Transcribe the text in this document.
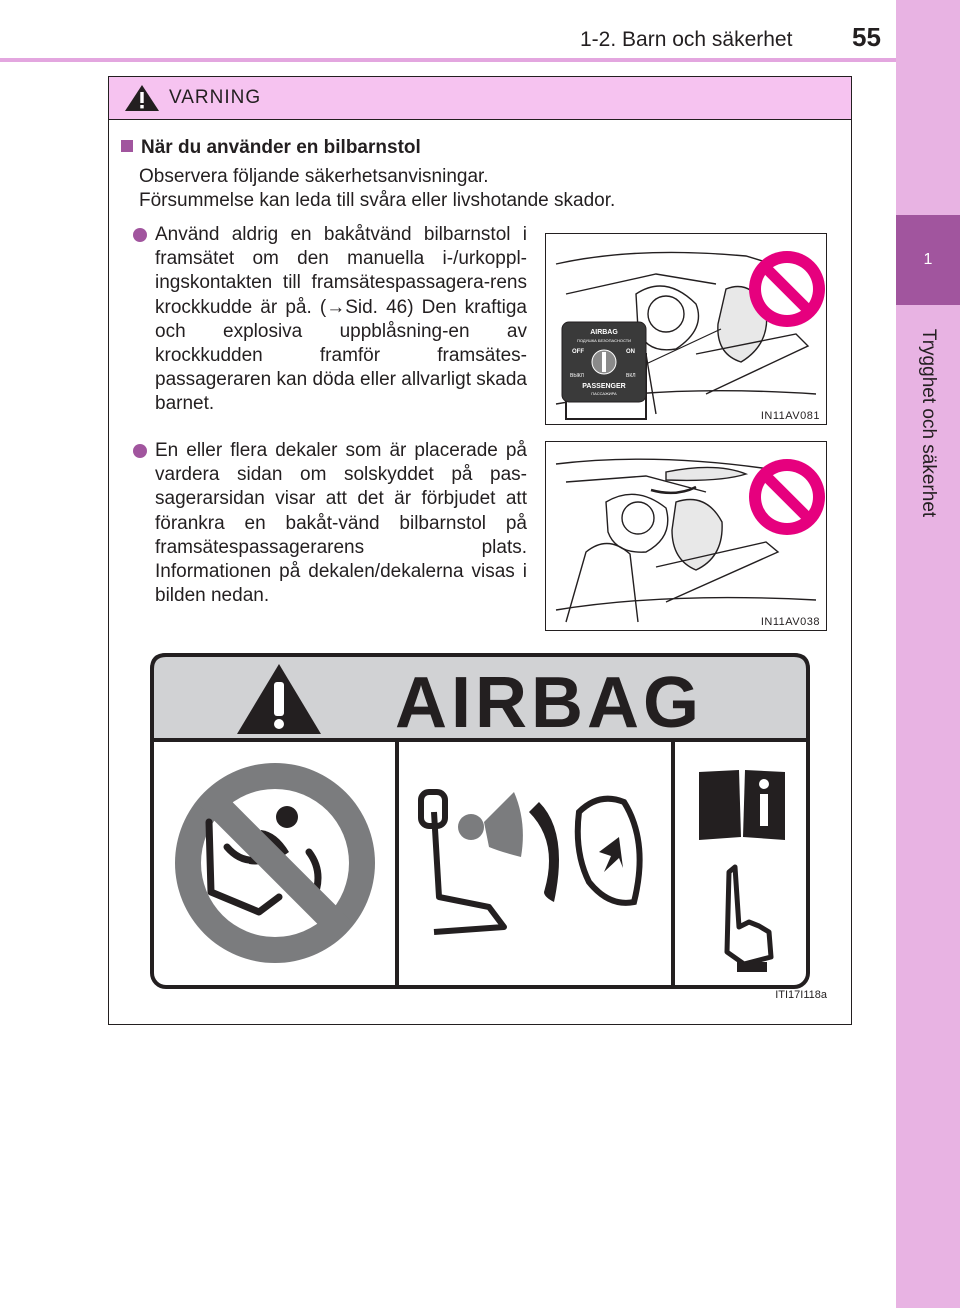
1-2. Barn och säkerhet 55
1
Trygghet och säkerhet
VARNING
När du använder en bilbarnstol
Observera följande säkerhetsanvisningar.
Försummelse kan leda till svåra eller livshotande skador.
Använd aldrig en bakåtvänd bilbarnstol i framsätet om den manuella i-/urkoppl-ingskontakten till framsätespassagera-rens krockkudde är på. (→Sid. 46) Den kraftiga och explosiva uppblåsning-en av krockkudden framför framsätes-passageraren kan döda eller allvarligt skada barnet.
En eller flera dekaler som är placerade på vardera sidan om solskyddet på pas-sagerarsidan visar att det är förbjudet att förankra en bakåt-vänd bilbarnstol på framsätespassagerarens plats. Informationen på dekalen/dekalerna visas i bilden nedan.
AIRBAG
ПОДУШКА БЕЗОПАСНОСТИ
OFF	ON
ВЫКЛ	ВКЛ
PASSENGER
ПАССАЖИРА
IN11AV081
IN11AV038
AIRBAG
ITI17I118a
